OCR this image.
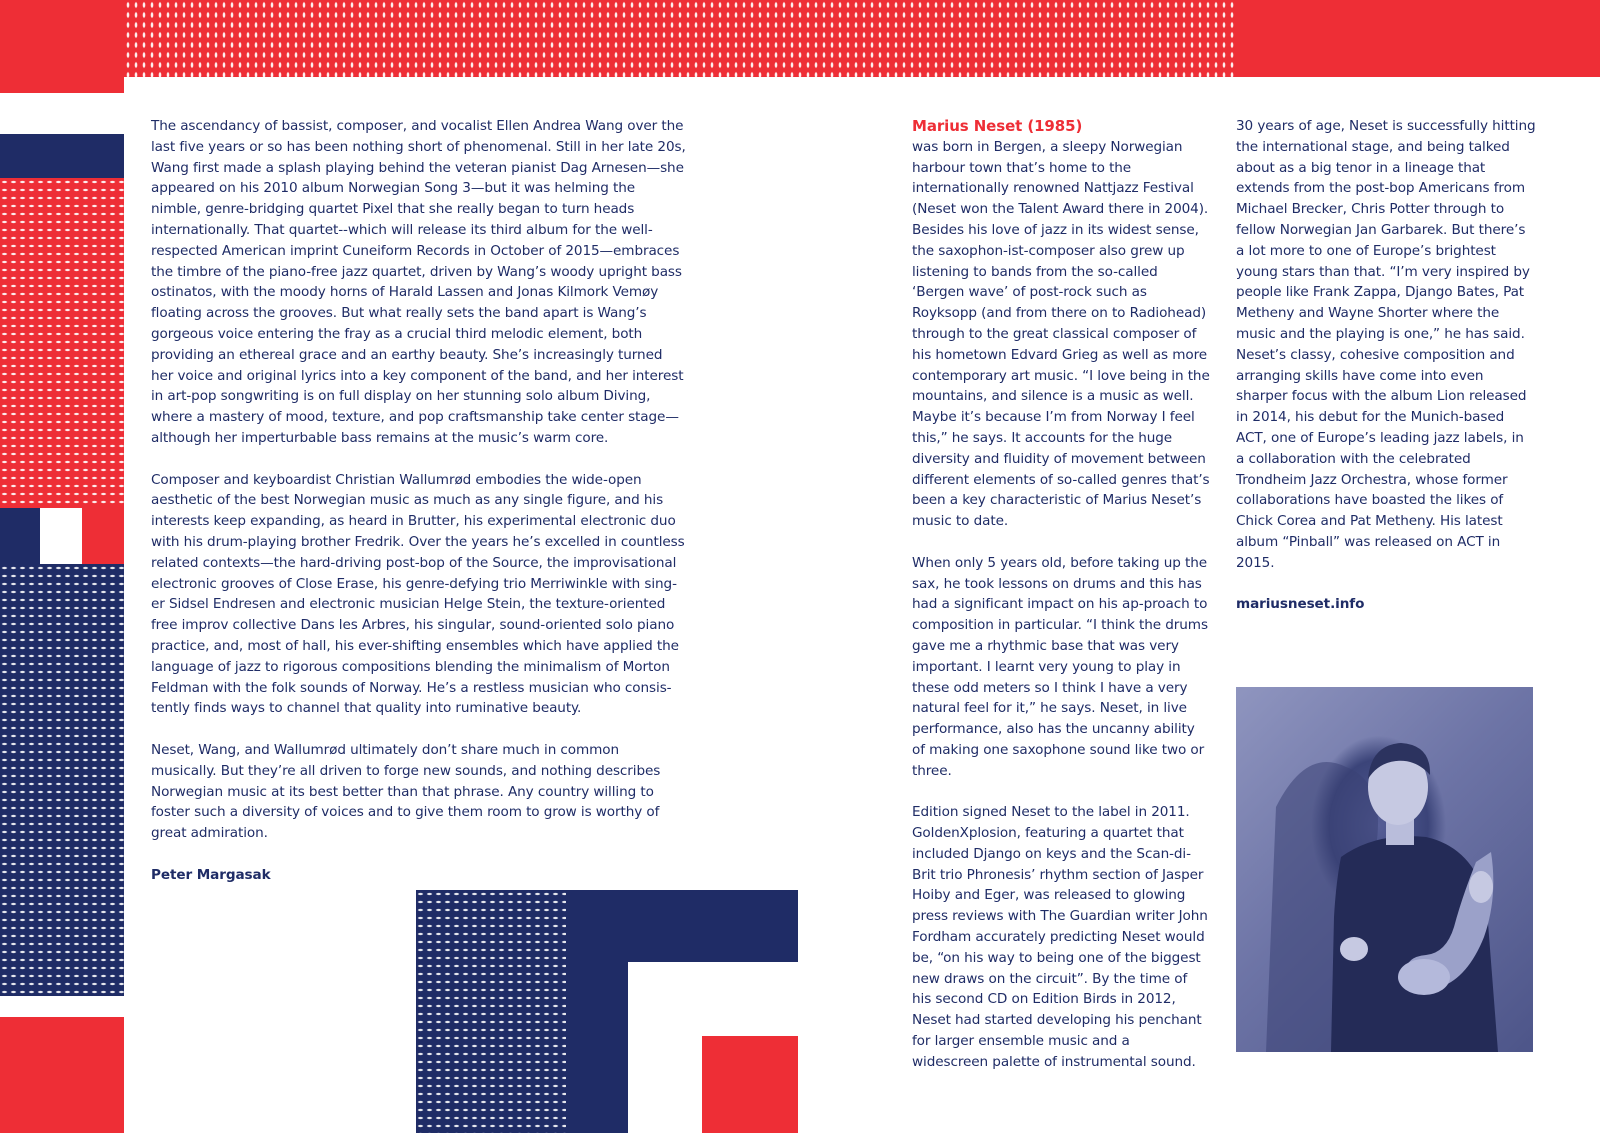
The ascendancy of bassist, composer, and vocalist Ellen Andrea Wang over the last five years or so has been nothing short of phenomenal. Still in her late 20s, Wang first made a splash playing behind the veteran pianist Dag Arnesen—she appeared on his 2010 album Norwegian Song 3—but it was helming the nimble, genre-bridging quartet Pixel that she really began to turn heads internationally. That quartet--which will release its third album for the well-respected American imprint Cuneiform Records in October of 2015—embraces the timbre of the piano-free jazz quartet, driven by Wang’s woody upright bass ostinatos, with the moody horns of Harald Lassen and Jonas Kilmork Vemøy floating across the grooves. But what really sets the band apart is Wang’s gorgeous voice entering the fray as a crucial third melodic element, both providing an ethereal grace and an earthy beauty. She’s increasingly turned her voice and original lyrics into a key component of the band, and her interest in art-pop songwriting is on full display on her stunning solo album Diving, where a mastery of mood, texture, and pop craftsmanship take center stage—although her imperturbable bass remains at the music’s warm core.

Composer and keyboardist Christian Wallumrød embodies the wide-open aesthetic of the best Norwegian music as much as any single figure, and his interests keep expanding, as heard in Brutter, his experimental electronic duo with his drum-playing brother Fredrik. Over the years he’s excelled in countless related contexts—the hard-driving post-bop of the Source, the improvisational electronic grooves of Close Erase, his genre-defying trio Merriwinkle with sing-er Sidsel Endresen and electronic musician Helge Stein, the texture-oriented free improv collective Dans les Arbres, his singular, sound-oriented solo piano practice, and, most of hall, his ever-shifting ensembles which have applied the language of jazz to rigorous compositions blending the minimalism of Morton Feldman with the folk sounds of Norway. He’s a restless musician who consis-tently finds ways to channel that quality into ruminative beauty.

Neset, Wang, and Wallumrød ultimately don’t share much in common musically. But they’re all driven to forge new sounds, and nothing describes Norwegian music at its best better than that phrase. Any country willing to foster such a diversity of voices and to give them room to grow is worthy of great admiration.

Peter Margasak
Marius Neset (1985)

was born in Bergen, a sleepy Norwegian harbour town that’s home to the internationally renowned Nattjazz Festival (Neset won the Talent Award there in 2004). Besides his love of jazz in its widest sense, the saxophon-ist-composer also grew up listening to bands from the so-called ‘Bergen wave’ of post-rock such as Royksopp (and from there on to Radiohead) through to the great classical composer of his hometown Edvard Grieg as well as more contemporary art music. “I love being in the mountains, and silence is a music as well. Maybe it’s because I’m from Norway I feel this,” he says. It accounts for the huge diversity and fluidity of movement between different elements of so-called genres that’s been a key characteristic of Marius Neset’s music to date.

When only 5 years old, before taking up the sax, he took lessons on drums and this has had a significant impact on his ap-proach to composition in particular. “I think the drums gave me a rhythmic base that was very important. I learnt very young to play in these odd meters so I think I have a very natural feel for it,” he says. Neset, in live performance, also has the uncanny ability of making one saxophone sound like two or three.

Edition signed Neset to the label in 2011. GoldenXplosion, featuring a quartet that included Django on keys and the Scan-di-Brit trio Phronesis’ rhythm section of Jasper Hoiby and Eger, was released to glowing press reviews with The Guardian writer John Fordham accurately predicting Neset would be, “on his way to being one of the biggest new draws on the circuit”. By the time of his second CD on Edition Birds in 2012, Neset had started developing his penchant for larger ensemble music and a widescreen palette of instrumental sound.

30 years of age, Neset is successfully hitting the international stage, and being talked about as a big tenor in a lineage that extends from the post-bop Americans from Michael Brecker, Chris Potter through to fellow Norwegian Jan Garbarek. But there’s a lot more to one of Europe’s brightest young stars than that. “I’m very inspired by people like Frank Zappa, Django Bates, Pat Metheny and Wayne Shorter where the music and the playing is one,” he has said. Neset’s classy, cohesive composition and arranging skills have come into even sharper focus with the album Lion released in 2014, his debut for the Munich-based ACT, one of Europe’s leading jazz labels, in a collaboration with the celebrated Trondheim Jazz Orchestra, whose former collaborations have boasted the likes of Chick Corea and Pat Metheny. His latest album “Pinball” was released on ACT in 2015.

mariusneset.info
